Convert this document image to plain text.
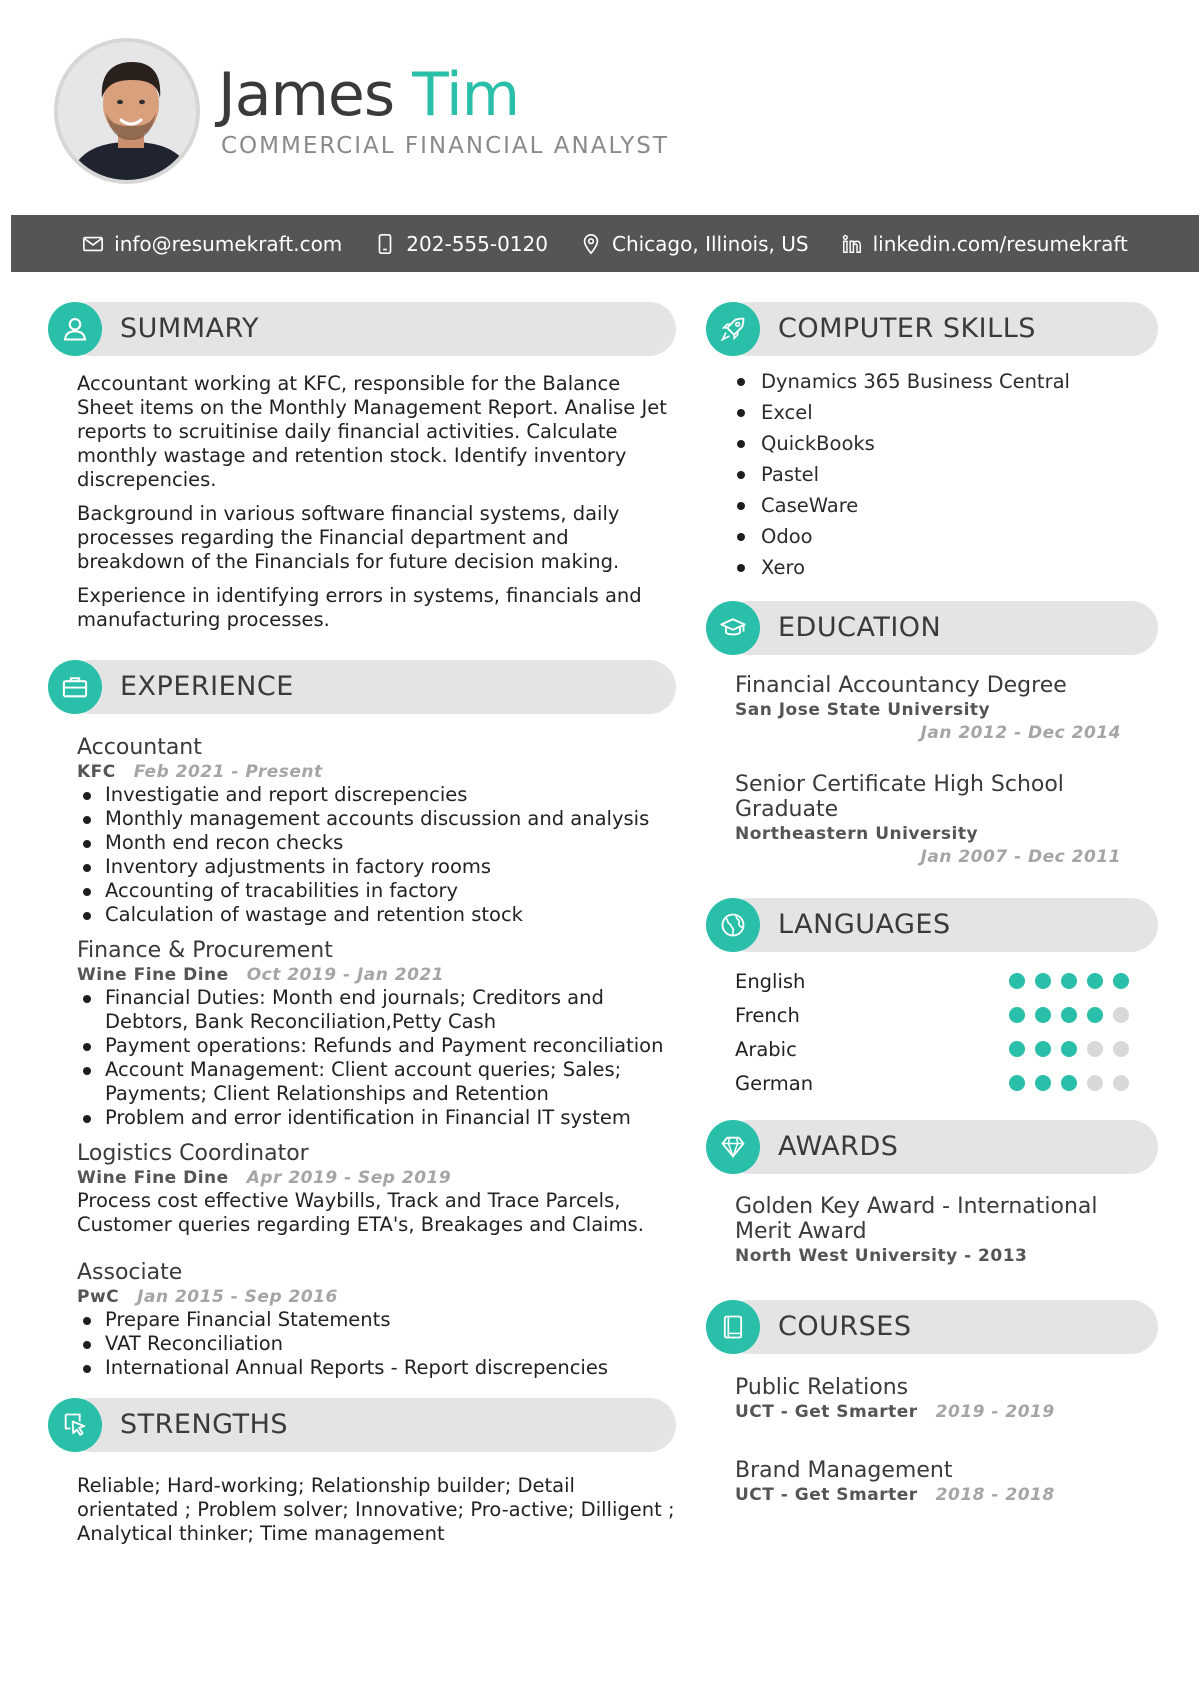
James Tim
COMMERCIAL FINANCIAL ANALYST
info@resumekraft.com	202-555-0120	Chicago, Illinois, US	linkedin.com/resumekraft
SUMMARY
Accountant working at KFC, responsible for the Balance Sheet items on the Monthly Management Report. Analise Jet reports to scruitinise daily financial activities. Calculate monthly wastage and retention stock. Identify inventory discrepencies.
Background in various software financial systems, daily processes regarding the Financial department and breakdown of the Financials for future decision making.
Experience in identifying errors in systems, financials and manufacturing processes.
EXPERIENCE
Accountant
KFC Feb 2021 - Present
Investigatie and report discrepencies
Monthly management accounts discussion and analysis
Month end recon checks
Inventory adjustments in factory rooms
Accounting of tracabilities in factory
Calculation of wastage and retention stock
Finance & Procurement
Wine Fine Dine Oct 2019 - Jan 2021
Financial Duties: Month end journals; Creditors and Debtors, Bank Reconciliation,Petty Cash
Payment operations: Refunds and Payment reconciliation
Account Management: Client account queries; Sales; Payments; Client Relationships and Retention
Problem and error identification in Financial IT system
Logistics Coordinator
Wine Fine Dine Apr 2019 - Sep 2019
Process cost effective Waybills, Track and Trace Parcels, Customer queries regarding ETA's, Breakages and Claims.
Associate
PwC Jan 2015 - Sep 2016
Prepare Financial Statements
VAT Reconciliation
International Annual Reports - Report discrepencies
STRENGTHS
Reliable; Hard-working; Relationship builder; Detail orientated ; Problem solver; Innovative; Pro-active; Dilligent ; Analytical thinker; Time management
COMPUTER SKILLS
Dynamics 365 Business Central
Excel
QuickBooks
Pastel
CaseWare
Odoo
Xero
EDUCATION
Financial Accountancy Degree
San Jose State University
Jan 2012 - Dec 2014
Senior Certificate High School Graduate
Northeastern University
Jan 2007 - Dec 2011
LANGUAGES
English
French
Arabic
German
AWARDS
Golden Key Award - International Merit Award
North West University - 2013
COURSES
Public Relations
UCT - Get Smarter 2019 - 2019
Brand Management
UCT - Get Smarter 2018 - 2018
